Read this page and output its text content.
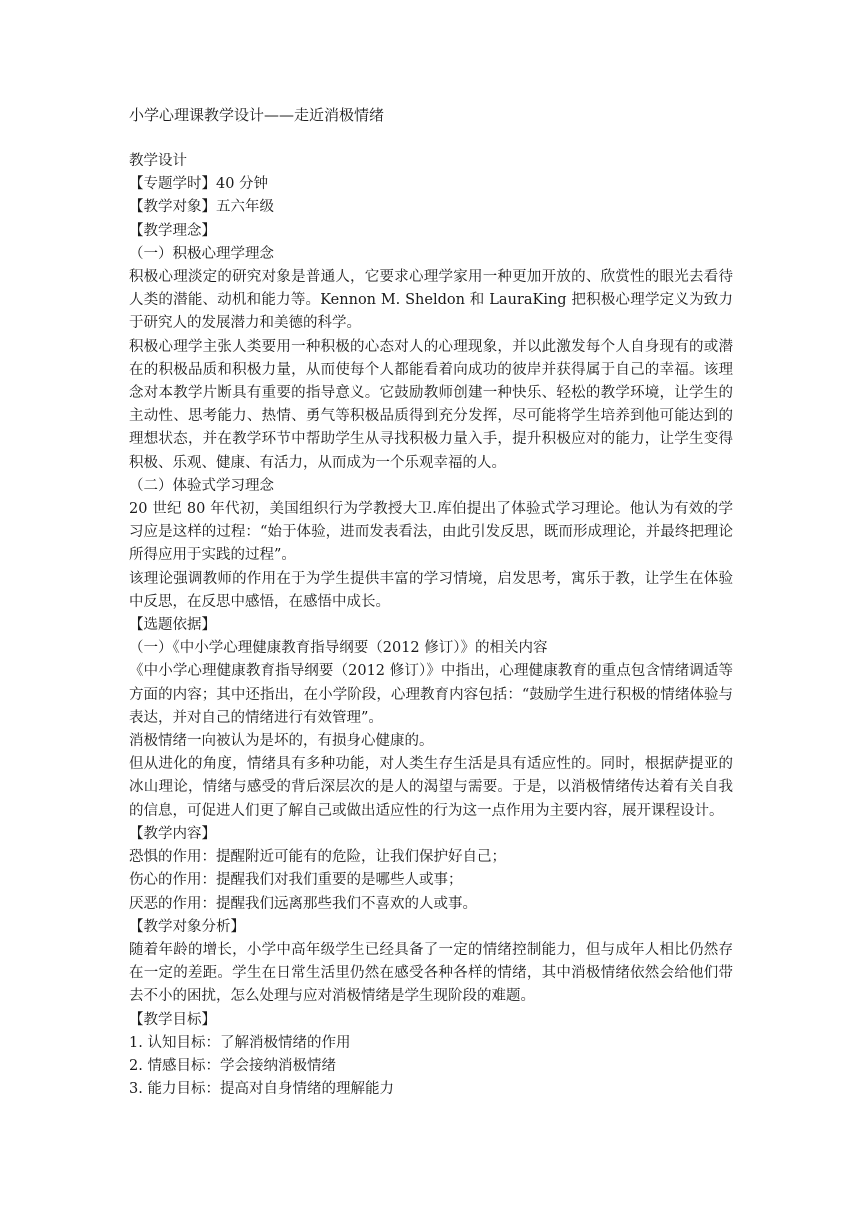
小学心理课教学设计——走近消极情绪
教学设计
【专题学时】40 分钟
【教学对象】五六年级
【教学理念】
（一）积极心理学理念
积极心理淡定的研究对象是普通人，它要求心理学家用一种更加开放的、欣赏性的眼光去看待人类的潜能、动机和能力等。Kennon M. Sheldon 和 LauraKing 把积极心理学定义为致力于研究人的发展潜力和美德的科学。
积极心理学主张人类要用一种积极的心态对人的心理现象，并以此激发每个人自身现有的或潜在的积极品质和积极力量，从而使每个人都能看着向成功的彼岸并获得属于自己的幸福。该理念对本教学片断具有重要的指导意义。它鼓励教师创建一种快乐、轻松的教学环境，让学生的主动性、思考能力、热情、勇气等积极品质得到充分发挥，尽可能将学生培养到他可能达到的理想状态，并在教学环节中帮助学生从寻找积极力量入手，提升积极应对的能力，让学生变得积极、乐观、健康、有活力，从而成为一个乐观幸福的人。
（二）体验式学习理念
20 世纪 80 年代初，美国组织行为学教授大卫.库伯提出了体验式学习理论。他认为有效的学习应是这样的过程：“始于体验，进而发表看法，由此引发反思，既而形成理论，并最终把理论所得应用于实践的过程”。
该理论强调教师的作用在于为学生提供丰富的学习情境，启发思考，寓乐于教，让学生在体验中反思，在反思中感悟，在感悟中成长。
【选题依据】
（一）《中小学心理健康教育指导纲要（2012 修订）》的相关内容
《中小学心理健康教育指导纲要（2012 修订）》中指出，心理健康教育的重点包含情绪调适等方面的内容；其中还指出，在小学阶段，心理教育内容包括：“鼓励学生进行积极的情绪体验与表达，并对自己的情绪进行有效管理”。
消极情绪一向被认为是坏的，有损身心健康的。
但从进化的角度，情绪具有多种功能，对人类生存生活是具有适应性的。同时，根据萨提亚的冰山理论，情绪与感受的背后深层次的是人的渴望与需要。于是，以消极情绪传达着有关自我的信息，可促进人们更了解自己或做出适应性的行为这一点作用为主要内容，展开课程设计。
【教学内容】
恐惧的作用：提醒附近可能有的危险，让我们保护好自己；
伤心的作用：提醒我们对我们重要的是哪些人或事；
厌恶的作用：提醒我们远离那些我们不喜欢的人或事。
【教学对象分析】
随着年龄的增长，小学中高年级学生已经具备了一定的情绪控制能力，但与成年人相比仍然存在一定的差距。学生在日常生活里仍然在感受各种各样的情绪，其中消极情绪依然会给他们带去不小的困扰，怎么处理与应对消极情绪是学生现阶段的难题。
【教学目标】
1. 认知目标：了解消极情绪的作用
2. 情感目标：学会接纳消极情绪
3. 能力目标：提高对自身情绪的理解能力
